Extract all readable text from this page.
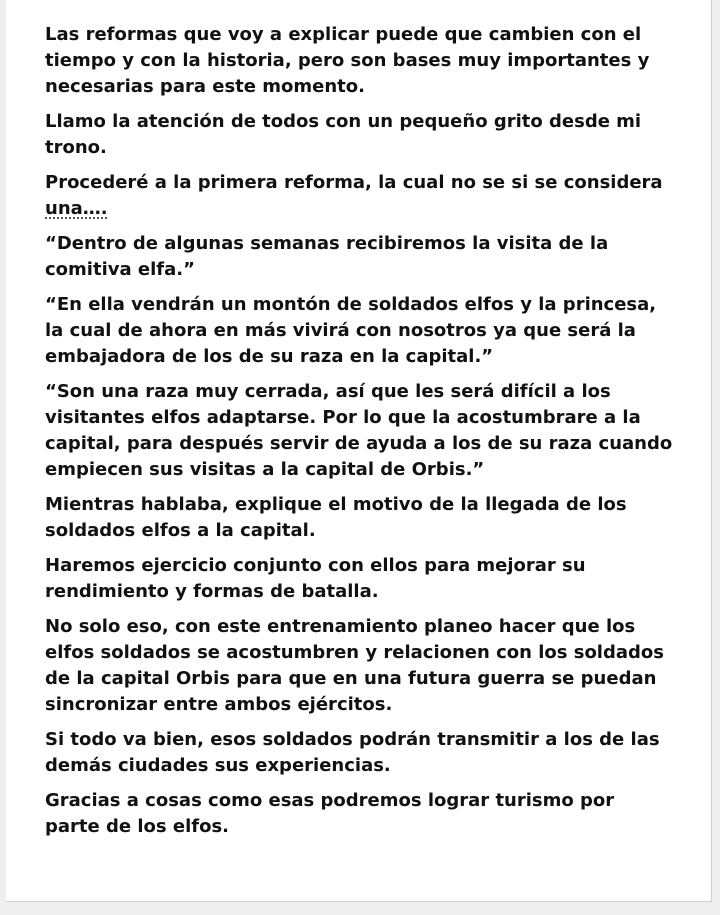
Las reformas que voy a explicar puede que cambien con el tiempo y con la historia, pero son bases muy importantes y necesarias para este momento.

Llamo la atención de todos con un pequeño grito desde mi trono.

Procederé a la primera reforma, la cual no se si se considera una….

“Dentro de algunas semanas recibiremos la visita de la comitiva elfa.”

“En ella vendrán un montón de soldados elfos y la princesa, la cual de ahora en más vivirá con nosotros ya que será la embajadora de los de su raza en la capital.”

“Son una raza muy cerrada, así que les será difícil a los visitantes elfos adaptarse. Por lo que la acostumbrare a la capital, para después servir de ayuda a los de su raza cuando empiecen sus visitas a la capital de Orbis.”

Mientras hablaba, explique el motivo de la llegada de los soldados elfos a la capital.

Haremos ejercicio conjunto con ellos para mejorar su rendimiento y formas de batalla.

No solo eso, con este entrenamiento planeo hacer que los elfos soldados se acostumbren y relacionen con los soldados de la capital Orbis para que en una futura guerra se puedan sincronizar entre ambos ejércitos.

Si todo va bien, esos soldados podrán transmitir a los de las demás ciudades sus experiencias.

Gracias a cosas como esas podremos lograr turismo por parte de los elfos.
